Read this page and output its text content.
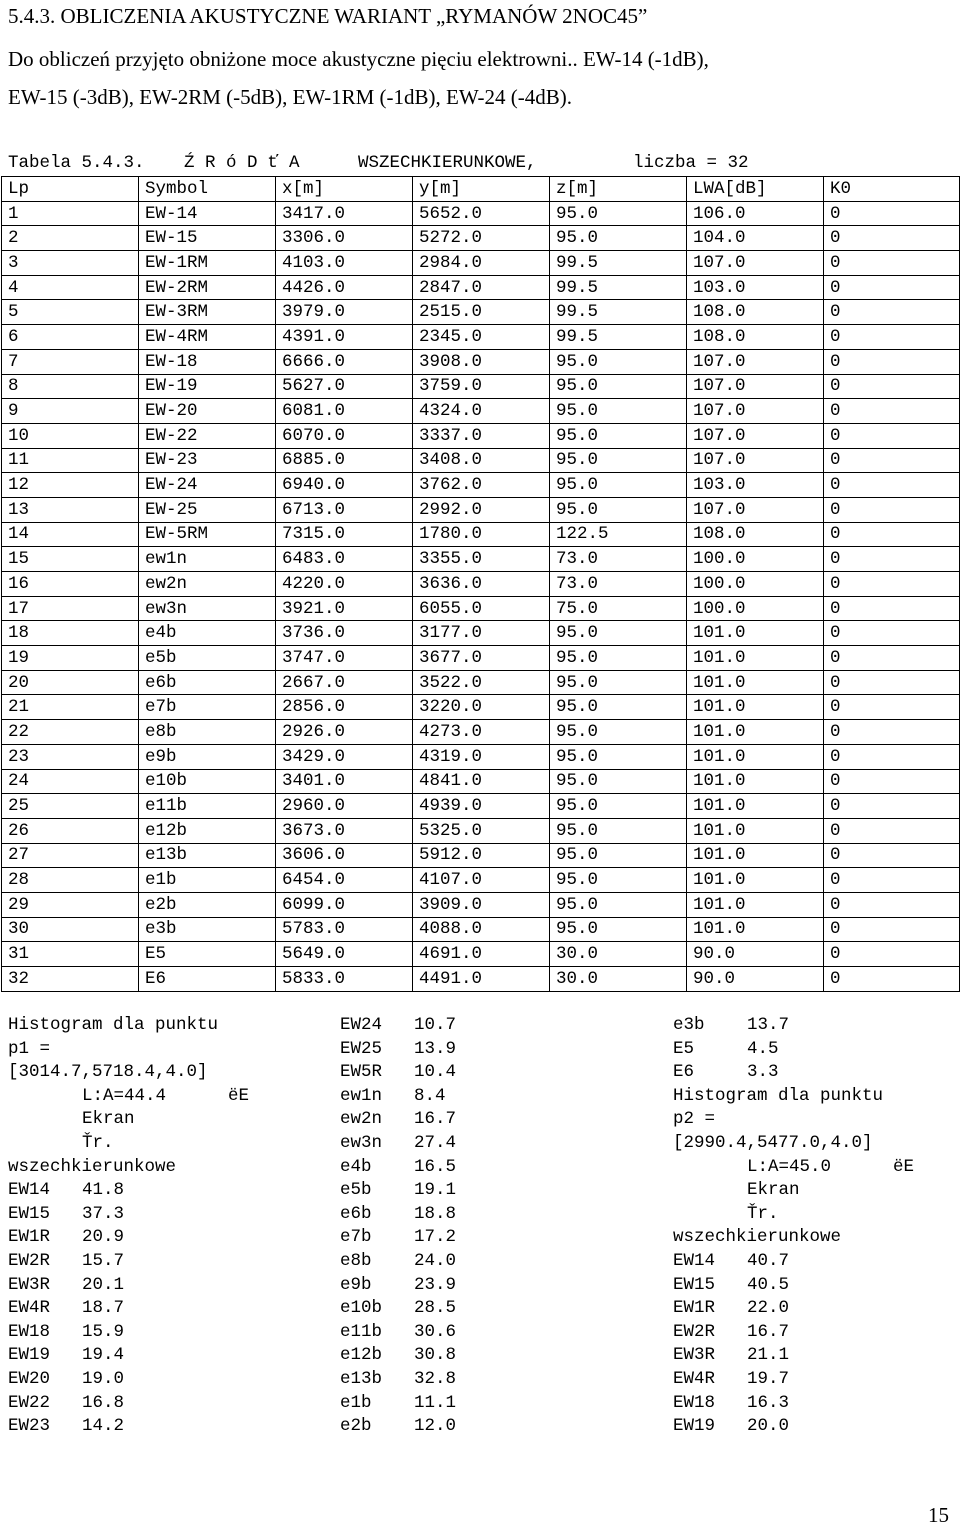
5.4.3. OBLICZENIA AKUSTYCZNE WARIANT „RYMANÓW 2NOC45”
Do obliczeń przyjęto obniżone moce akustyczne pięciu elektrowni.. EW-14 (-1dB),
EW-15 (-3dB), EW-2RM (-5dB), EW-1RM (-1dB), EW-24 (-4dB).

Tabela 5.4.3.

Ź R ó D ť A

	WSZECHKIERUNKOWE,

	liczba = 32

Lp	Symbol	x[m]	y[m]	z[m]	LWA[dB]	K0
1	EW-14	3417.0	5652.0	95.0	106.0	0
2	EW-15	3306.0	5272.0	95.0	104.0	0
3	EW-1RM	4103.0	2984.0	99.5	107.0	0
4	EW-2RM	4426.0	2847.0	99.5	103.0	0
5	EW-3RM	3979.0	2515.0	99.5	108.0	0
6	EW-4RM	4391.0	2345.0	99.5	108.0	0
7	EW-18	6666.0	3908.0	95.0	107.0	0
8	EW-19	5627.0	3759.0	95.0	107.0	0
9	EW-20	6081.0	4324.0	95.0	107.0	0
10	EW-22	6070.0	3337.0	95.0	107.0	0
11	EW-23	6885.0	3408.0	95.0	107.0	0
12	EW-24	6940.0	3762.0	95.0	103.0	0
13	EW-25	6713.0	2992.0	95.0	107.0	0
14	EW-5RM	7315.0	1780.0	122.5	108.0	0
15	ew1n	6483.0	3355.0	73.0	100.0	0
16	ew2n	4220.0	3636.0	73.0	100.0	0
17	ew3n	3921.0	6055.0	75.0	100.0	0
18	e4b	3736.0	3177.0	95.0	101.0	0
19	e5b	3747.0	3677.0	95.0	101.0	0
20	e6b	2667.0	3522.0	95.0	101.0	0
21	e7b	2856.0	3220.0	95.0	101.0	0
22	e8b	2926.0	4273.0	95.0	101.0	0
23	e9b	3429.0	4319.0	95.0	101.0	0
24	e10b	3401.0	4841.0	95.0	101.0	0
25	e11b	2960.0	4939.0	95.0	101.0	0
26	e12b	3673.0	5325.0	95.0	101.0	0
27	e13b	3606.0	5912.0	95.0	101.0	0
28	e1b	6454.0	4107.0	95.0	101.0	0
29	e2b	6099.0	3909.0	95.0	101.0	0
30	e3b	5783.0	4088.0	95.0	101.0	0
31	E5	5649.0	4691.0	30.0	90.0	0
32	E6	5833.0	4491.0	30.0	90.0	0
Histogram dla punktu
p1 =
[3014.7,5718.4,4.0]
L:A=44.4	ëE
Ekran
Ťr.
wszechkierunkowe
EW14 41.8
EW15 37.3
EW1R 20.9
EW2R 15.7
EW3R 20.1
EW4R 18.7
EW18 15.9
EW19 19.4
EW20 19.0
EW22 16.8
EW23 14.2
EW24 10.7
EW25 13.9
EW5R 10.4
ew1n 8.4
ew2n 16.7
ew3n 27.4
e4b 16.5
e5b 19.1
e6b 18.8
e7b 17.2
e8b 24.0
e9b 23.9
e10b 28.5
e11b 30.6
e12b 30.8
e13b 32.8
e1b 11.1
e2b 12.0
e3b 13.7
E5	4.5
E6	3.3
Histogram dla punktu
p2 =
[2990.4,5477.0,4.0]
L:A=45.0	ëE
Ekran
Ťr.
wszechkierunkowe
EW14 40.7
EW15 40.5
EW1R 22.0
EW2R 16.7
EW3R 21.1
EW4R 19.7
EW18 16.3
EW19 20.0
15
